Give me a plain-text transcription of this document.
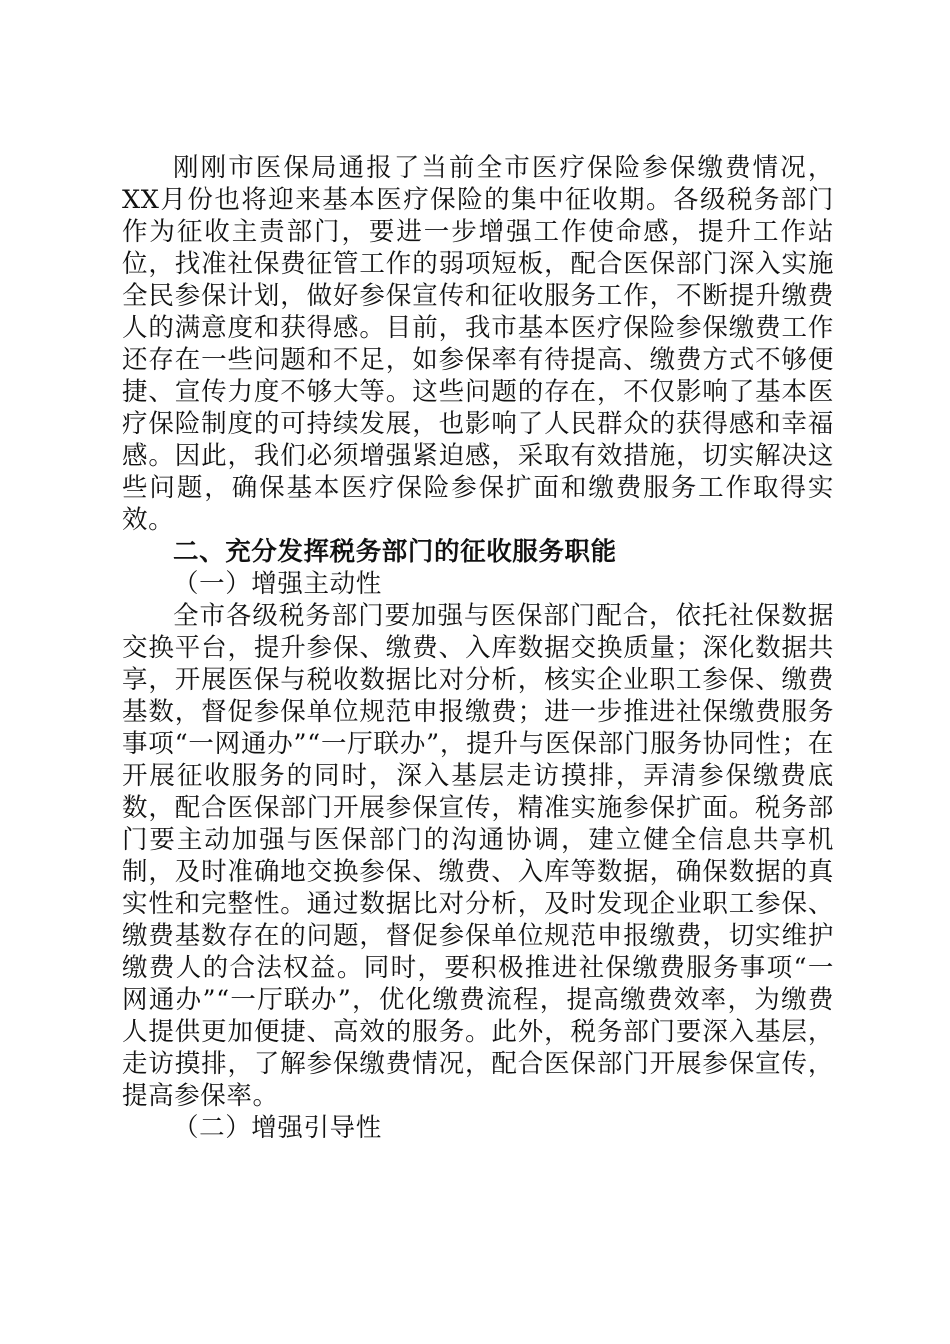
刚刚市医保局通报了当前全市医疗保险参保缴费情况，XX月份也将迎来基本医疗保险的集中征收期。各级税务部门作为征收主责部门，要进一步增强工作使命感，提升工作站位，找准社保费征管工作的弱项短板，配合医保部门深入实施全民参保计划，做好参保宣传和征收服务工作，不断提升缴费人的满意度和获得感。目前，我市基本医疗保险参保缴费工作还存在一些问题和不足，如参保率有待提高、缴费方式不够便捷、宣传力度不够大等。这些问题的存在，不仅影响了基本医疗保险制度的可持续发展，也影响了人民群众的获得感和幸福感。因此，我们必须增强紧迫感，采取有效措施，切实解决这些问题，确保基本医疗保险参保扩面和缴费服务工作取得实效。

二、充分发挥税务部门的征收服务职能

（一）增强主动性

全市各级税务部门要加强与医保部门配合，依托社保数据交换平台，提升参保、缴费、入库数据交换质量；深化数据共享，开展医保与税收数据比对分析，核实企业职工参保、缴费基数，督促参保单位规范申报缴费；进一步推进社保缴费服务事项“一网通办”“一厅联办”，提升与医保部门服务协同性；在开展征收服务的同时，深入基层走访摸排，弄清参保缴费底数，配合医保部门开展参保宣传，精准实施参保扩面。税务部门要主动加强与医保部门的沟通协调，建立健全信息共享机制，及时准确地交换参保、缴费、入库等数据，确保数据的真实性和完整性。通过数据比对分析，及时发现企业职工参保、缴费基数存在的问题，督促参保单位规范申报缴费，切实维护缴费人的合法权益。同时，要积极推进社保缴费服务事项“一网通办”“一厅联办”，优化缴费流程，提高缴费效率，为缴费人提供更加便捷、高效的服务。此外，税务部门要深入基层，走访摸排，了解参保缴费情况，配合医保部门开展参保宣传，提高参保率。

（二）增强引导性
